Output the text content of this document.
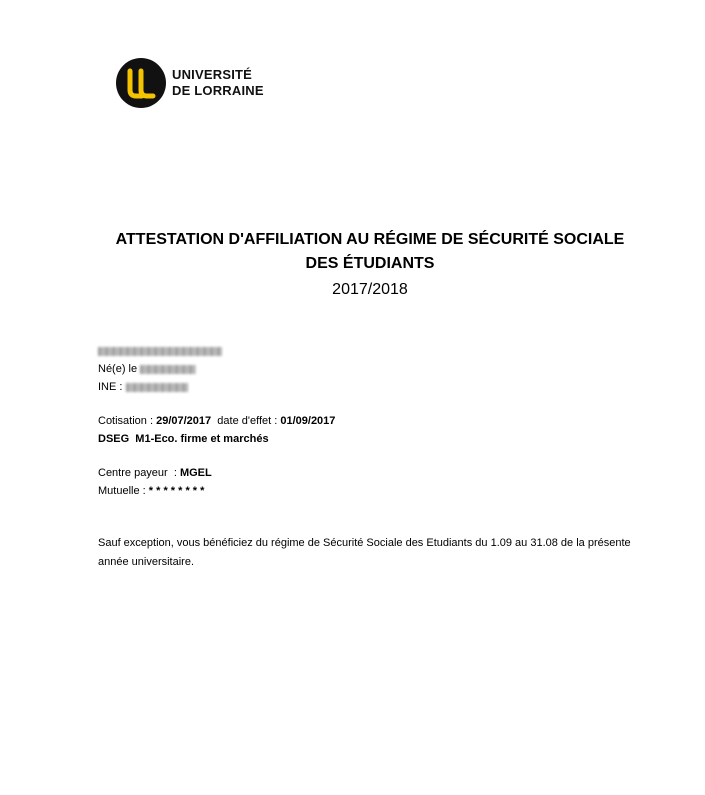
UNIVERSITÉ
DE LORRAINE
ATTESTATION D'AFFILIATION AU RÉGIME DE SÉCURITÉ SOCIALE
DES ÉTUDIANTS
2017/2018
Né(e) le
INE :
Cotisation : 29/07/2017 date d'effet : 01/09/2017
DSEG  M1-Eco. firme et marchés
Centre payeur  : MGEL
Mutuelle : * * * * * * * *
Sauf exception, vous bénéficiez du régime de Sécurité Sociale des Etudiants du 1.09 au 31.08 de la présente année universitaire.
